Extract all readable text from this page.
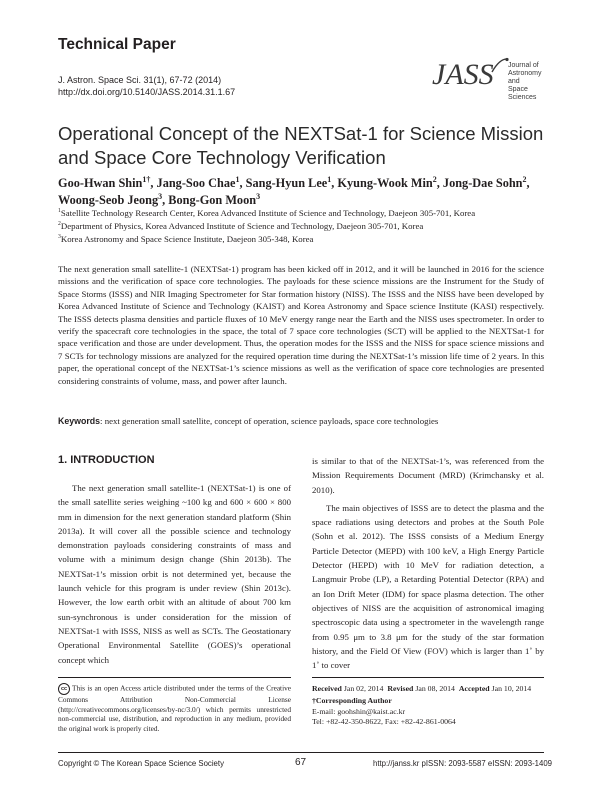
Technical Paper
J. Astron. Space Sci. 31(1), 67-72 (2014)
http://dx.doi.org/10.5140/JASS.2014.31.1.67
JASS Journal of
Astronomy and
Space Sciences
Operational Concept of the NEXTSat-1 for Science Mission and Space Core Technology Verification
Goo-Hwan Shin$^{1\dagger}$, Jang-Soo Chae$^1$, Sang-Hyun Lee$^1$, Kyung-Wook Min$^2$, Jong-Dae Sohn$^2$, Woong-Seob Jeong$^3$, Bong-Gon Moon$^3$
$^1$Satellite Technology Research Center, Korea Advanced Institute of Science and Technology, Daejeon 305-701, Korea
$^2$Department of Physics, Korea Advanced Institute of Science and Technology, Daejeon 305-701, Korea
$^3$Korea Astronomy and Space Science Institute, Daejeon 305-348, Korea
The next generation small satellite-1 (NEXTSat-1) program has been kicked off in 2012, and it will be launched in 2016 for the science missions and the verification of space core technologies. The payloads for these science missions are the Instrument for the Study of Space Storms (ISSS) and NIR Imaging Spectrometer for Star formation history (NISS). The ISSS and the NISS have been developed by Korea Advanced Institute of Science and Technology (KAIST) and Korea Astronomy and Space science Institute (KASI) respectively. The ISSS detects plasma densities and particle fluxes of 10 MeV energy range near the Earth and the NISS uses spectrometer. In order to verify the spacecraft core technologies in the space, the total of 7 space core technologies (SCT) will be applied to the NEXTSat-1 for space verification and those are under development. Thus, the operation modes for the ISSS and the NISS for space science missions and 7 SCTs for technology missions are analyzed for the required operation time during the NEXTSat-1’s mission life time of 2 years. In this paper, the operational concept of the NEXTSat-1’s science missions as well as the verification of space core technologies are presented considering constraints of volume, mass, and power after launch.
Keywords: next generation small satellite, concept of operation, science payloads, space core technologies
1. INTRODUCTION
The next generation small satellite-1 (NEXTSat-1) is one of the small satellite series weighing ~100 kg and 600 × 600 × 800 mm in dimension for the next generation standard platform (Shin 2013a). It will cover all the possible science and technology demonstration payloads considering constraints of mass and volume with a minimum design change (Shin 2013b). The NEXTSat-1’s mission orbit is not determined yet, because the launch vehicle for this program is under review (Shin 2013c). However, the low earth orbit with an altitude of about 700 km sun-synchronous is under consideration for the mission of NEXTSat-1 with ISSS, NISS as well as SCTs. The Geostationary Operational Environmental Satellite (GOES)’s operational concept which
is similar to that of the NEXTSat-1’s, was referenced from the Mission Requirements Document (MRD) (Krimchansky et al. 2010).
The main objectives of ISSS are to detect the plasma and the space radiations using detectors and probes at the South Pole (Sohn et al. 2012). The ISSS consists of a Medium Energy Particle Detector (MEPD) with 100 keV, a High Energy Particle Detector (HEPD) with 10 MeV for radiation detection, a Langmuir Probe (LP), a Retarding Potential Detector (RPA) and an Ion Drift Meter (IDM) for space plasma detection. The other objectives of NISS are the acquisition of astronomical imaging spectroscopic data using a spectrometer in the wavelength range from 0.95 μm to 3.8 μm for the study of the star formation history, and the Field Of View (FOV) which is larger than 1˚ by 1˚ to cover
cc This is an open Access article distributed under the terms of the Creative Commons Attribution Non-Commercial License (http://creativecommons.org/licenses/by-nc/3.0/) which permits unrestricted non-commercial use, distribution, and reproduction in any medium, provided the original work is properly cited.
Received Jan 02, 2014 Revised Jan 08, 2014 Accepted Jan 10, 2014
†Corresponding Author
E-mail: goohshin@kaist.ac.kr
Tel: +82-42-350-8622, Fax: +82-42-861-0064
Copyright © The Korean Space Science Society	67	http://janss.kr pISSN: 2093-5587 eISSN: 2093-1409
